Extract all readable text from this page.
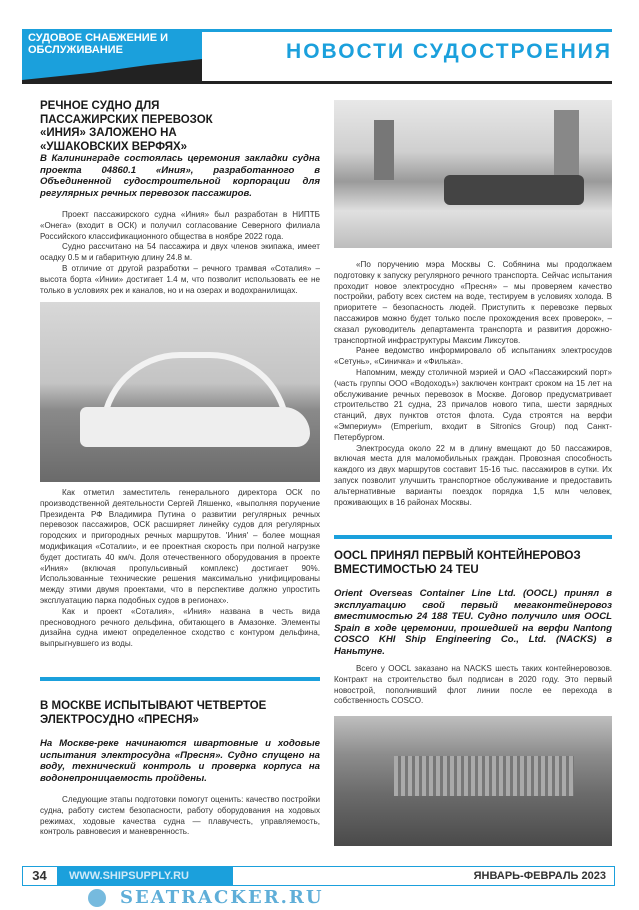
СУДОВОЕ СНАБЖЕНИЕ И ОБСЛУЖИВАНИЕ	НОВОСТИ СУДОСТРОЕНИЯ
РЕЧНОЕ СУДНО ДЛЯ ПАССАЖИРСКИХ ПЕРЕВОЗОК «ИНИЯ» ЗАЛОЖЕНО НА «УШАКОВСКИХ ВЕРФЯХ»
В Калининграде состоялась церемония закладки судна проекта 04860.1 «Иния», разработанного в Объединенной судостроительной корпорации для регулярных речных перевозок пассажиров.

Проект пассажирского судна «Иния» был разработан в НИПТБ «Онега» (входит в ОСК) и получил согласование Северного филиала Российского классификационного общества в ноябре 2022 года.

Судно рассчитано на 54 пассажира и двух членов экипажа, имеет осадку 0.5 м и габаритную длину 24.8 м.

В отличие от другой разработки – речного трамвая «Соталия» – высота борта «Инии» достигает 1.4 м, что позволит использовать ее не только в условиях рек и каналов, но и на озерах и водохранилищах.

Как отметил заместитель генерального директора ОСК по производственной деятельности Сергей Ляшенко, «выполняя поручение Президента РФ Владимира Путина о развитии регулярных речных перевозок пассажиров, ОСК расширяет линейку судов для регулярных городских и пригородных речных маршрутов. 'Иния' – более мощная модификация «Соталии», и ее проектная скорость при полной нагрузке будет достигать 40 км/ч. Доля отечественного оборудования в проекте «Иния» (включая пропульсивный комплекс) достигает 90%. Использованные технические решения максимально унифицированы между этими двумя проектами, что в перспективе должно упростить эксплуатацию парка подобных судов в регионах».

Как и проект «Соталия», «Иния» названа в честь вида пресноводного речного дельфина, обитающего в Амазонке. Элементы дизайна судна имеют определенное сходство с контуром дельфина, выпрыгнувшего из воды.

В МОСКВЕ ИСПЫТЫВАЮТ ЧЕТВЕРТОЕ ЭЛЕКТРОСУДНО «ПРЕСНЯ»
На Москве-реке начинаются швартовные и ходовые испытания электросудна «Пресня». Судно спущено на воду, технический контроль и проверка корпуса на водонепроницаемость пройдены.

Следующие этапы подготовки помогут оценить: качество постройки судна, работу систем безопасности, работу оборудования на ходовых режимах, ходовые качества судна — плавучесть, управляемость, контроль равновесия и маневренность.

«По поручению мэра Москвы С. Собянина мы продолжаем подготовку к запуску регулярного речного транспорта. Сейчас испытания проходит новое электросудно «Пресня» – мы проверяем качество постройки, работу всех систем на воде, тестируем в условиях холода. В приоритете – безопасность людей. Приступить к перевозке первых пассажиров можно будет только после прохождения всех проверок», – сказал руководитель департамента транспорта и развития дорожно-транспортной инфраструктуры Максим Ликсутов.

Ранее ведомство информировало об испытаниях электросудов «Сетунь», «Синичка» и «Филька».

Напомним, между столичной мэрией и ОАО «Пассажирский порт» (часть группы ООО «Водоходъ») заключен контракт сроком на 15 лет на обслуживание речных перевозок в Москве. Договор предусматривает строительство 21 судна, 23 причалов нового типа, шести зарядных станций, двух пунктов отстоя флота. Суда строятся на верфи «Эмпериум» (Emperium, входит в Sitronics Group) под Санкт-Петербургом.

Электросуда около 22 м в длину вмещают до 50 пассажиров, включая места для маломобильных граждан. Провозная способность каждого из двух маршрутов составит 15-16 тыс. пассажиров в сутки. Их запуск позволит улучшить транспортное обслуживание и предоставить альтернативные варианты поездок порядка 1,5 млн человек, проживающих в 16 районах Москвы.

OOCL ПРИНЯЛ ПЕРВЫЙ КОНТЕЙНЕРОВОЗ ВМЕСТИМОСТЬЮ 24 TEU
Orient Overseas Container Line Ltd. (OOCL) принял в эксплуатацию свой первый мегаконтейнеровоз вместимостью 24 188 TEU. Судно получило имя OOCL Spain в ходе церемонии, прошедшей на верфи Nantong COSCO KHI Ship Engineering Co., Ltd. (NACKS) в Наньтуне.

Всего у OOCL заказано на NACKS шесть таких контейнеровозов. Контракт на строительство был подписан в 2020 году. Это первый новострой, пополнивший флот линии после ее перехода в собственность COSCO.

34	WWW.SHIPSUPPLY.RU	ЯНВАРЬ-ФЕВРАЛЬ 2023
SEATRACKER.RU
